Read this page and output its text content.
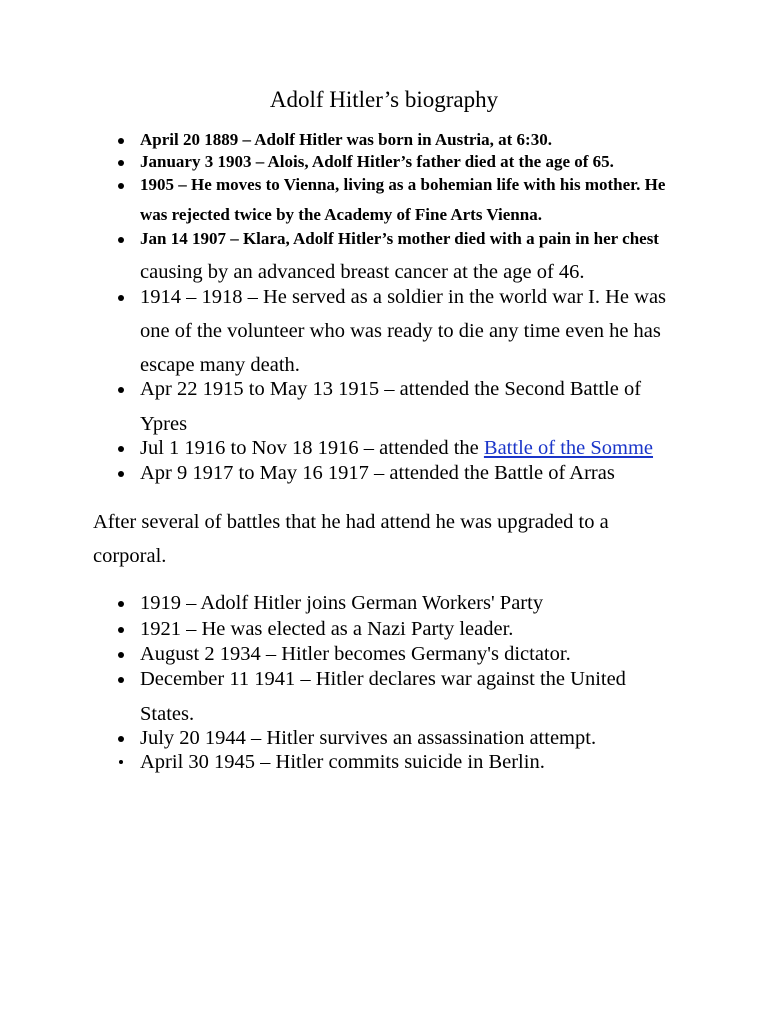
Adolf Hitler’s biography
April 20 1889 – Adolf Hitler was born in Austria, at 6:30.
January 3 1903 – Alois, Adolf Hitler’s father died at the age of 65.
1905 – He moves to Vienna, living as a bohemian life with his mother. He
was rejected twice by the Academy of Fine Arts Vienna.
Jan 14 1907 – Klara, Adolf Hitler’s mother died with a pain in her chest
causing by an advanced breast cancer at the age of 46.
1914 – 1918 – He served as a soldier in the world war I. He was
one of the volunteer who was ready to die any time even he has
escape many death.
Apr 22 1915 to May 13 1915 – attended the Second Battle of
Ypres
Jul 1 1916 to Nov 18 1916 – attended the Battle of the Somme
Apr 9 1917 to May 16 1917 – attended the Battle of Arras
After several of battles that he had attend he was upgraded to a
corporal.
1919 – Adolf Hitler joins German Workers' Party
1921 – He was elected as a Nazi Party leader.
August 2 1934 – Hitler becomes Germany's dictator.
December 11 1941 – Hitler declares war against the United
States.
July 20 1944 – Hitler survives an assassination attempt.
April 30 1945 – Hitler commits suicide in Berlin.
